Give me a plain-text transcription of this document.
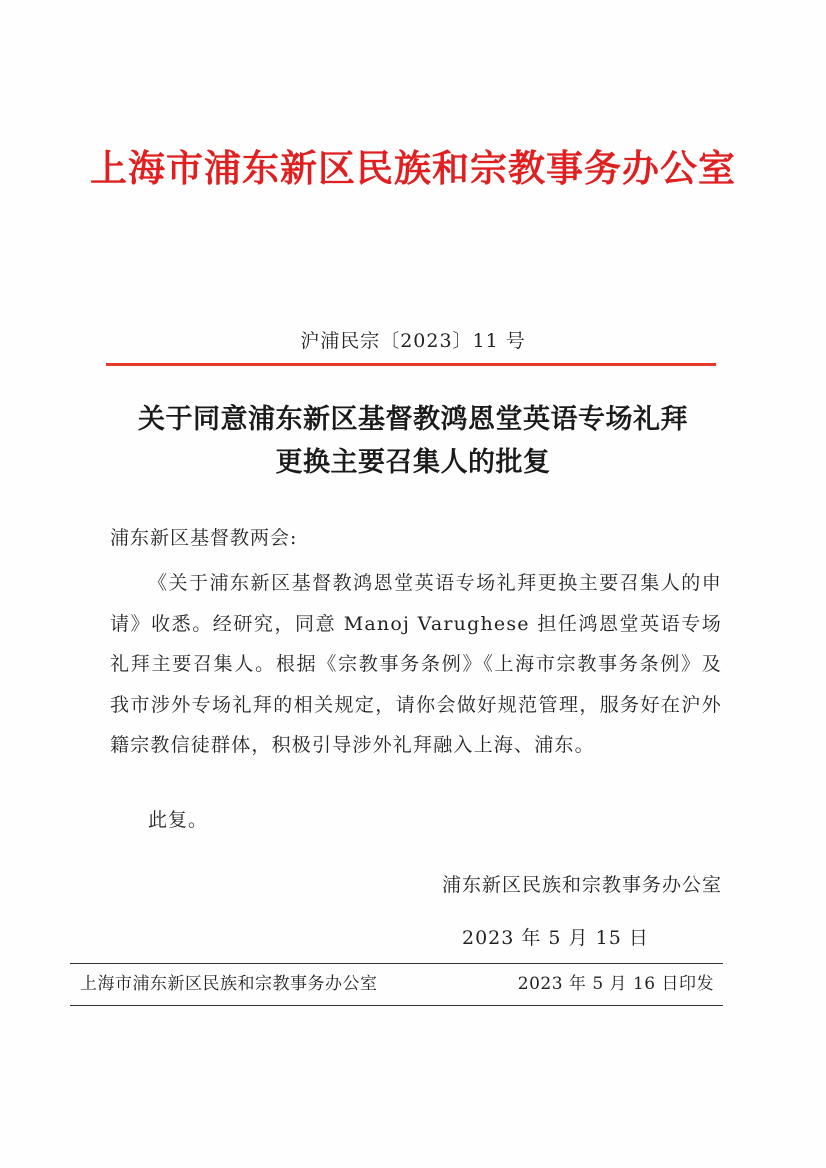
上海市浦东新区民族和宗教事务办公室
沪浦民宗〔2023〕11 号
关于同意浦东新区基督教鸿恩堂英语专场礼拜
更换主要召集人的批复
浦东新区基督教两会:

《关于浦东新区基督教鸿恩堂英语专场礼拜更换主要召集人的申请》收悉。经研究，同意 Manoj Varughese 担任鸿恩堂英语专场礼拜主要召集人。根据《宗教事务条例》《上海市宗教事务条例》及我市涉外专场礼拜的相关规定，请你会做好规范管理，服务好在沪外籍宗教信徒群体，积极引导涉外礼拜融入上海、浦东。

此复。
浦东新区民族和宗教事务办公室
2023 年 5 月 15 日
上海市浦东新区民族和宗教事务办公室	2023 年 5 月 16 日印发
